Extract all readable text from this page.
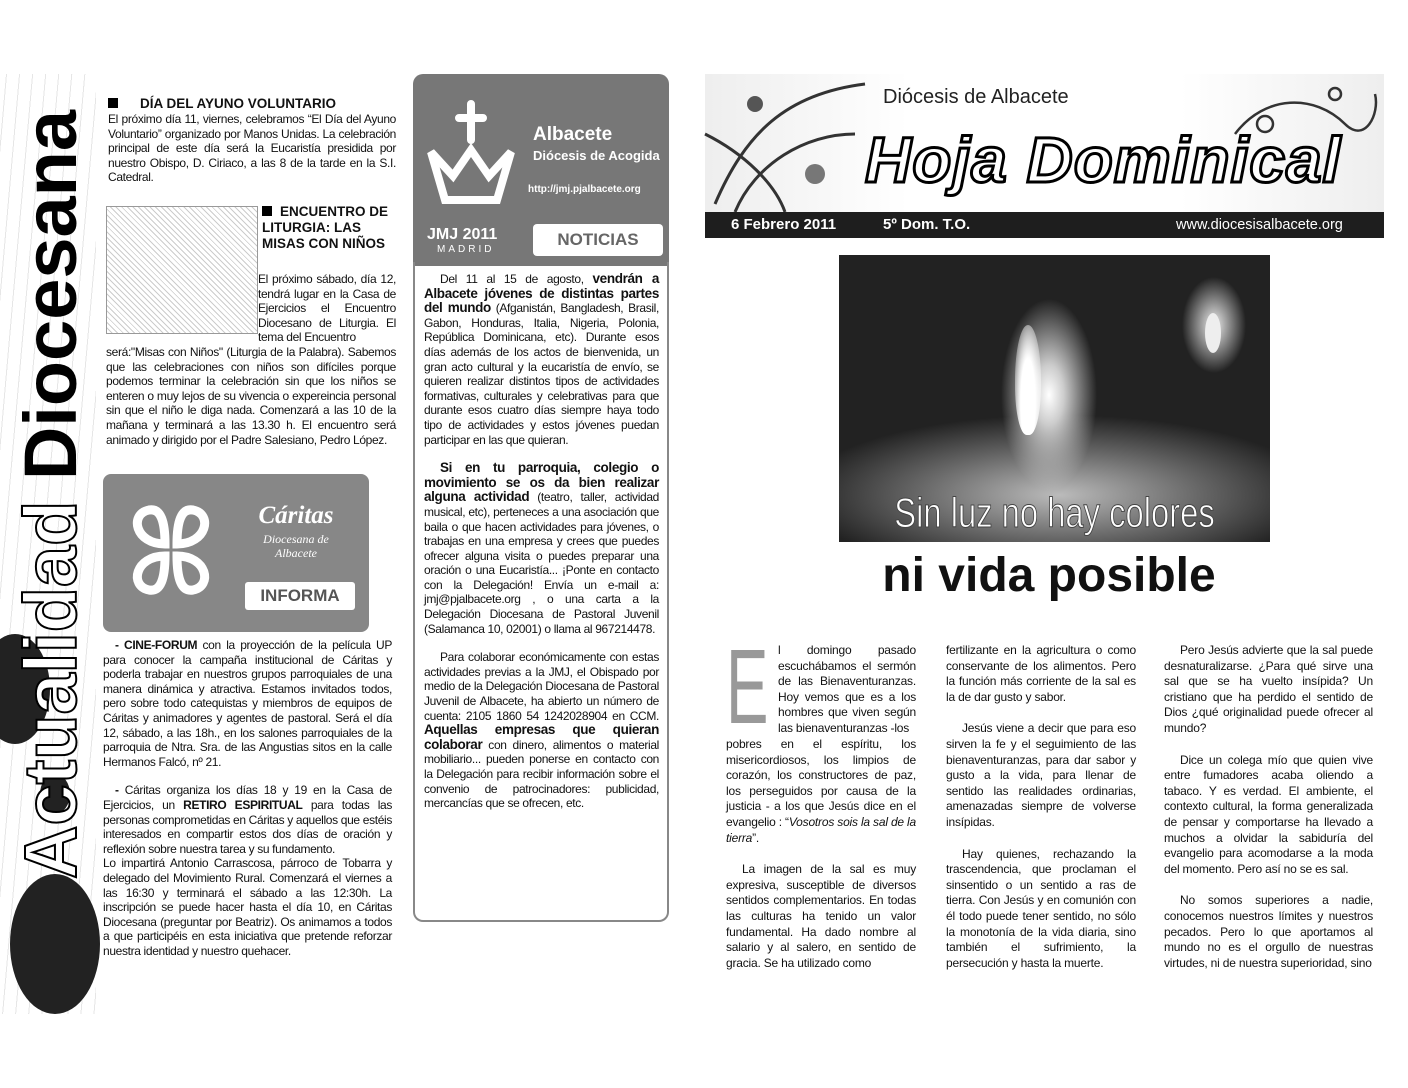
Actualidad Diocesana
DÍA DEL AYUNO VOLUNTARIO

El próximo día 11, viernes, celebramos “El Día del Ayuno Voluntario” organizado por Manos Unidas. La celebración principal de este día será la Eucaristía presidida por nuestro Obispo, D. Ciriaco, a las 8 de la tarde en la S.I. Catedral.

ENCUENTRO DE LITURGIA: LAS MISAS CON NIÑOS

El próximo sábado, día 12, tendrá lugar en la Casa de Ejercicios el Encuentro Diocesano de Liturgia. El tema del Encuentro

será:"Misas con Niños" (Liturgia de la Palabra). Sabemos que las celebraciones con niños son difíciles porque podemos terminar la celebración sin que los niños se enteren o muy lejos de su vivencia o expereincia personal sin que el niño le diga nada. Comenzará a las 10 de la mañana y terminará a las 13.30 h. El encuentro será animado y dirigido por el Padre Salesiano, Pedro López.

Cáritas
Diocesana de
Albacete
INFORMA

- CINE-FORUM con la proyección de la película UP para conocer la campaña institucional de Cáritas y poderla trabajar en nuestros grupos parroquiales de una manera dinámica y atractiva. Estamos invitados todos, pero sobre todo catequistas y miembros de equipos de Cáritas y animadores y agentes de pastoral. Será el día 12, sábado, a las 18h., en los salones parroquiales de la parroquia de Ntra. Sra. de las Angustias sitos en la calle Hermanos Falcó, nº 21.

- Cáritas organiza los días 18 y 19 en la Casa de Ejercicios, un RETIRO ESPIRITUAL para todas las personas comprometidas en Cáritas y aquellos que estéis interesados en compartir estos dos días de oración y reflexión sobre nuestra tarea y su fundamento.

Lo impartirá Antonio Carrascosa, párroco de Tobarra y delegado del Movimiento Rural. Comenzará el viernes a las 16:30 y terminará el sábado a las 12:30h. La inscripción se puede hacer hasta el día 10, en Cáritas Diocesana (preguntar por Beatriz). Os animamos a todos a que participéis en esta iniciativa que pretende reforzar nuestra identidad y nuestro quehacer.

Albacete
Diócesis de Acogida
http://jmj.pjalbacete.org
JMJ 2011
MADRID
NOTICIAS

Del 11 al 15 de agosto, vendrán a Albacete jóvenes de distintas partes del mundo (Afganistán, Bangladesh, Brasil, Gabon, Honduras, Italia, Nigeria, Polonia, República Dominicana, etc). Durante esos días además de los actos de bienvenida, un gran acto cultural y la eucaristía de envío, se quieren realizar distintos tipos de actividades formativas, culturales y celebrativas para que durante esos cuatro días siempre haya todo tipo de actividades y estos jóvenes puedan participar en las que quieran.

Si en tu parroquia, colegio o movimiento se os da bien realizar alguna actividad (teatro, taller, actividad musical, etc), perteneces a una asociación que baila o que hacen actividades para jóvenes, o trabajas en una empresa y crees que puedes ofrecer alguna visita o puedes preparar una oración o una Eucaristía... ¡Ponte en contacto con la Delegación! Envía un e-mail a: jmj@pjalbacete.org , o una carta a la Delegación Diocesana de Pastoral Juvenil (Salamanca 10, 02001) o llama al 967214478.

Para colaborar económicamente con estas actividades previas a la JMJ, el Obispado por medio de la Delegación Diocesana de Pastoral Juvenil de Albacete, ha abierto un número de cuenta: 2105 1860 54 1242028904 en CCM. Aquellas empresas que quieran colaborar con dinero, alimentos o material mobiliario... pueden ponerse en contacto con la Delegación para recibir información sobre el convenio de patrocinadores: publicidad, mercancías que se ofrecen, etc.

Diócesis de Albacete
Hoja Dominical
6 Febrero 2011	5º Dom. T.O.	www.diocesisalbacete.org
Sin luz no hay colores
ni vida posible
E l domingo pasado escuchábamos el sermón de las Bienaventuranzas. Hoy vemos que es a los hombres que viven según las bienaventuranzas -los

pobres en el espíritu, los misericordiosos, los limpios de corazón, los constructores de paz, los perseguidos por causa de la justicia - a los que Jesús dice en el evangelio : “Vosotros sois la sal de la tierra”.

La imagen de la sal es muy expresiva, susceptible de diversos sentidos complementarios. En todas las culturas ha tenido un valor fundamental. Ha dado nombre al salario y al salero, en sentido de gracia. Se ha utilizado como

fertilizante en la agricultura o como conservante de los alimentos. Pero la función más corriente de la sal es la de dar gusto y sabor.

Jesús viene a decir que para eso sirven la fe y el seguimiento de las bienaventuranzas, para dar sabor y gusto a la vida, para llenar de sentido las realidades ordinarias, amenazadas siempre de volverse insípidas.

Hay quienes, rechazando la trascendencia, que proclaman el sinsentido o un sentido a ras de tierra. Con Jesús y en comunión con él todo puede tener sentido, no sólo la monotonía de la vida diaria, sino también el sufrimiento, la persecución y hasta la muerte.

Pero Jesús advierte que la sal puede desnaturalizarse. ¿Para qué sirve una sal que se ha vuelto insípida? Un cristiano que ha perdido el sentido de Dios ¿qué originalidad puede ofrecer al mundo?

Dice un colega mío que quien vive entre fumadores acaba oliendo a tabaco. Y es verdad. El ambiente, el contexto cultural, la forma generalizada de pensar y comportarse ha llevado a muchos a olvidar la sabiduría del evangelio para acomodarse a la moda del momento. Pero así no se es sal.

No somos superiores a nadie, conocemos nuestros límites y nuestros pecados. Pero lo que aportamos al mundo no es el orgullo de nuestras virtudes, ni de nuestra superioridad, sino
